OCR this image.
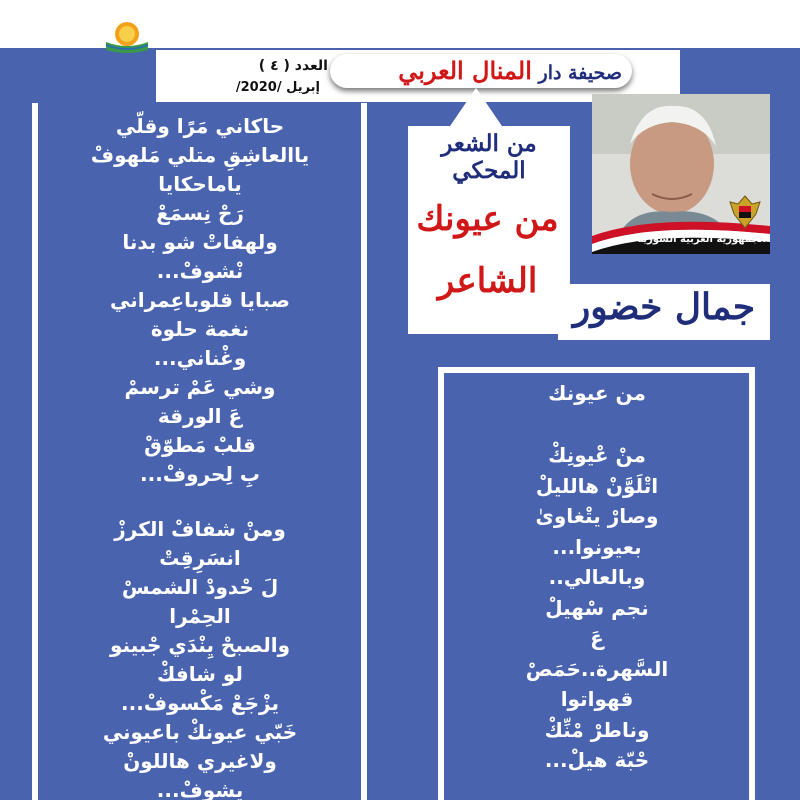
صحيفة دار المنال العربي
العدد ( ٤ )
إبريل /2020/
حاكاني مَرًا وقلّي
ياالعاشِقِ متلي مَلهوفْ
ياماحكايا
رَحْ نِسمَعْ
ولهفاتْ شو بدنا
نْشوفْ...
صبايا قلوباعِمراني
نغمة حلوة
وغْناني...
وشي عَمْ ترسمْ
عَ الورقة
قلبْ مَطوّقْ
بِ لِحروفْ...
ومنْ شفافْ الكرزْ
انسَرِقِتْ
لَ حْدودْ الشمسْ
الحِمْرا
والصبحْ يِنْدَي جْبينو
لو شافكْ
يزْجَعْ مَكْسوفْ...
خَبّي عيونكْ باعيوني
ولاغيري هاللونْ
يشوفْ...
من الشعر المحكي
من عيونك
الشاعر
الجمهورية العربية السورية
جمال خضور
من عيونك
منْ عْيونِكْ
اتْلَوَّنْ هالليلْ
وصارْ يتْغاوىٰ
بعيونوا...
وبالعالي..
نجم سْهيلْ
عَ
السَّهرة..حَمَصْ
قهواتوا
وناطرْ مْنِّكْ
حْبّة هيلْ...
